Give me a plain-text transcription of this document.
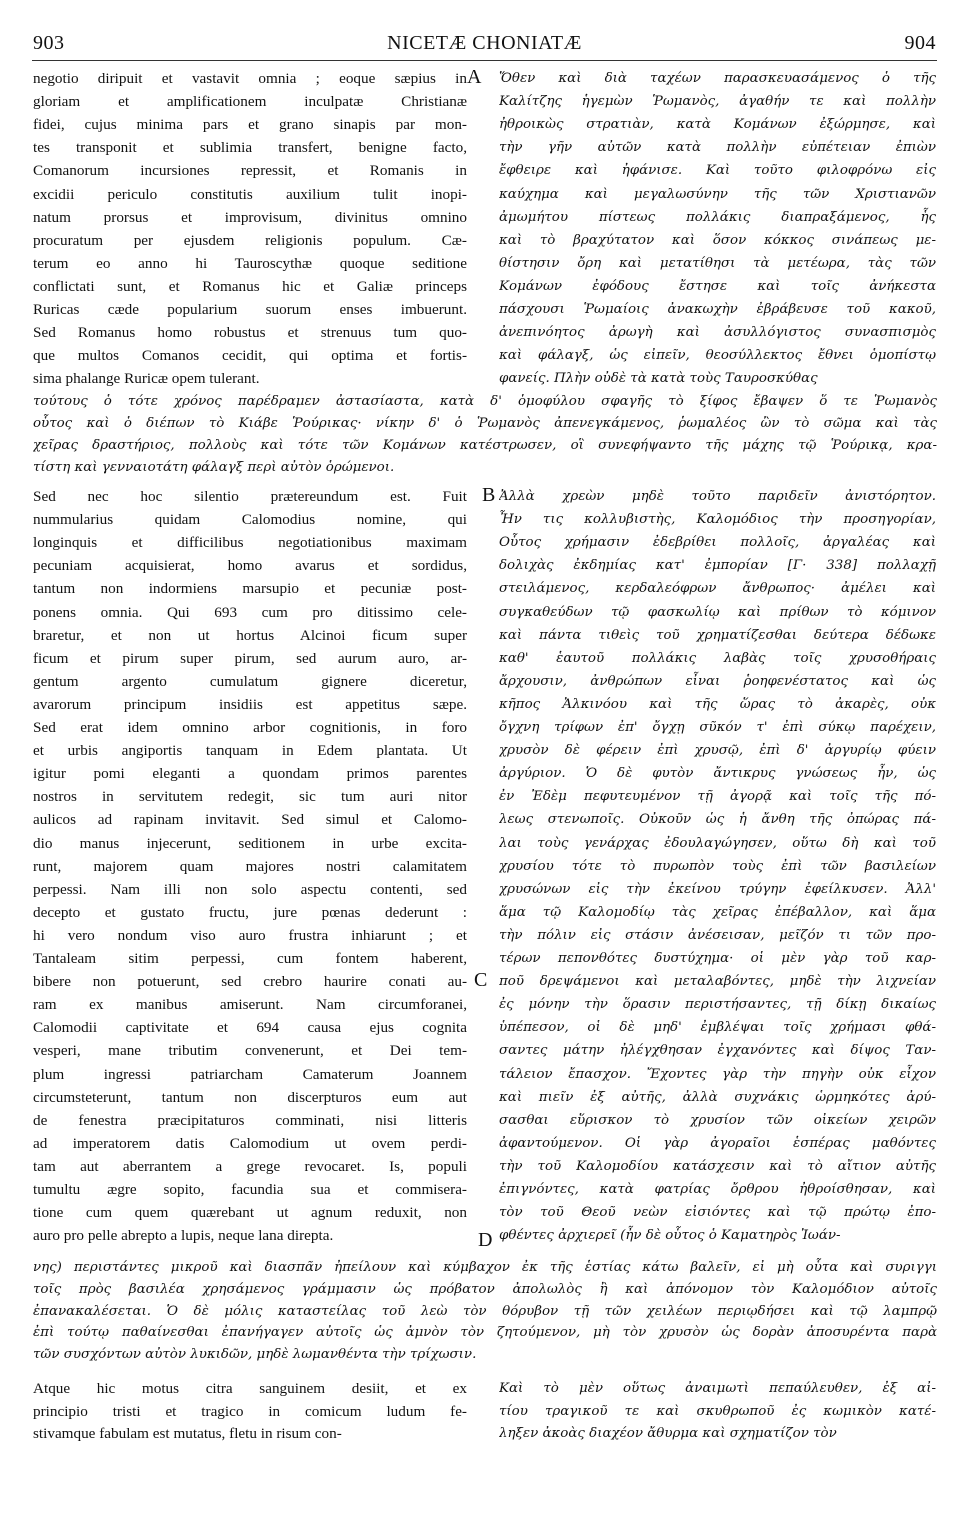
903	NICETÆ CHONIATÆ	904
A
B
C
D
negotio diripuit et vastavit omnia ; eoque sæpius in
gloriam et amplificationem inculpatæ Christianæ
fidei, cujus minima pars et grano sinapis par mon-
tes transponit et sublimia transfert, benigne facto,
Comanorum incursiones repressit, et Romanis in
excidii periculo constitutis auxilium tulit inopi-
natum prorsus et improvisum, divinitus omnino
procuratum per ejusdem religionis populum. Cæ-
terum eo anno hi Tauroscythæ quoque seditione
conflictati sunt, et Romanus hic et Galiæ princeps
Ruricas cæde popularium suorum enses imbuerunt.
Sed Romanus homo robustus et strenuus tum quo-
que multos Comanos cecidit, qui optima et fortis-
sima phalange Ruricæ opem tulerant.
Ὅθεν καὶ διὰ ταχέων παρασκευασάμενος ὁ τῆς
Καλίτζης ἡγεμὼν Ῥωμανὸς, ἀγαθήν τε καὶ πολλὴν
ἠθροικὼς στρατιὰν, κατὰ Κομάνων ἐξώρμησε, καὶ
τὴν γῆν αὐτῶν κατὰ πολλὴν εὐπέτειαν ἐπιὼν
ἔφθειρε καὶ ἠφάνισε. Καὶ τοῦτο φιλοφρόνω εἰς
καύχημα καὶ μεγαλωσύνην τῆς τῶν Χριστιανῶν
ἀμωμήτου πίστεως πολλάκις διαπραξάμενος, ἧς
καὶ τὸ βραχύτατον καὶ ὅσον κόκκος σινάπεως με-
θίστησιν ὄρη καὶ μετατίθησι τὰ μετέωρα, τὰς τῶν
Κομάνων ἐφόδους ἔστησε καὶ τοῖς ἀνήκεστα
πάσχουσι Ῥωμαίοις ἀνακωχὴν ἐβράβευσε τοῦ κακοῦ,
ἀνεπινόητος ἀρωγὴ καὶ ἀσυλλόγιστος συνασπισμὸς
καὶ φάλαγξ, ὡς εἰπεῖν, θεοσύλλεκτος ἔθνει ὁμοπίστῳ
φανείς. Πλὴν οὐδὲ τὰ κατὰ τοὺς Ταυροσκύθας
τούτους ὁ τότε χρόνος παρέδραμεν ἀστασίαστα, κατὰ δ' ὁμοφύλου σφαγῆς τὸ ξίφος ἔβαψεν ὅ τε Ῥωμανὸς
οὗτος καὶ ὁ διέπων τὸ Κιάβε Ῥούρικας· νίκην δ' ὁ Ῥωμανὸς ἀπενεγκάμενος, ῥωμαλέος ὢν τὸ σῶμα καὶ τὰς
χεῖρας δραστήριος, πολλοὺς καὶ τότε τῶν Κομάνων κατέστρωσεν, οἳ συνεφήψαντο τῆς μάχης τῷ Ῥούρικᾳ, κρα-
τίστη καὶ γενναιοτάτη φάλαγξ περὶ αὐτὸν ὁρώμενοι.
Sed nec hoc silentio prætereundum est. Fuit
nummularius quidam Calomodius nomine, qui
longinquis et difficilibus negotiationibus maximam
pecuniam acquisierat, homo avarus et sordidus,
tantum non indormiens marsupio et pecuniæ post-
ponens omnia. Qui 693 cum pro ditissimo cele-
braretur, et non ut hortus Alcinoi ficum super
ficum et pirum super pirum, sed aurum auro, ar-
gentum argento cumulatum gignere diceretur,
avarorum principum insidiis est appetitus sæpe.
Sed erat idem omnino arbor cognitionis, in foro
et urbis angiportis tanquam in Edem plantata. Ut
igitur pomi eleganti a quondam primos parentes
nostros in servitutem redegit, sic tum auri nitor
aulicos ad rapinam invitavit. Sed simul et Calomo-
dio manus injecerunt, seditionem in urbe excita-
runt, majorem quam majores nostri calamitatem
perpessi. Nam illi non solo aspectu contenti, sed
decepto et gustato fructu, jure pœnas dederunt :
hi vero nondum viso auro frustra inhiarunt ; et
Tantaleam sitim perpessi, cum fontem haberent,
bibere non potuerunt, sed crebro haurire conati au-
ram ex manibus amiserunt. Nam circumforanei,
Calomodii captivitate et 694 causa ejus cognita
vesperi, mane tributim convenerunt, et Dei tem-
plum ingressi patriarcham Camaterum Joannem
circumsteterunt, tantum non discerpturos eum aut
de fenestra præcipitaturos comminati, nisi litteris
ad imperatorem datis Calomodium ut ovem perdi-
tam aut aberrantem a grege revocaret. Is, populi
tumultu ægre sopito, facundia sua et commisera-
tione cum quem quærebant ut agnum reduxit, non
auro pro pelle abrepto a lupis, neque lana direpta.
Ἀλλὰ χρεὼν μηδὲ τοῦτο παριδεῖν ἀνιστόρητον.
Ἦν τις κολλυβιστὴς, Καλομόδιος τὴν προσηγορίαν,
Οὗτος χρήμασιν ἐδεβρίθει πολλοῖς, ἀργαλέας καὶ
δολιχὰς ἐκδημίας κατ' ἐμπορίαν [Γ· 338] πολλαχῇ
στειλάμενος, κερδαλεόφρων ἄνθρωπος· ἀμέλει καὶ
συγκαθεύδων τῷ φασκωλίῳ καὶ πρίθων τὸ κόμινον
καὶ πάντα τιθεὶς τοῦ χρηματίζεσθαι δεύτερα δέδωκε
καθ' ἑαυτοῦ πολλάκις λαβὰς τοῖς χρυσοθήραις
ἄρχουσιν, ἀνθρώπων εἶναι ῥοηφενέστατος καὶ ὡς
κῆπος Ἀλκινόου καὶ τῆς ὥρας τὸ ἀκαρὲς, οὐκ
ὄγχνη τρίφων ἐπ' ὄγχῃ σῦκόν τ' ἐπὶ σύκῳ παρέχειν,
χρυσὸν δὲ φέρειν ἐπὶ χρυσῷ, ἐπὶ δ' ἀργυρίῳ φύειν
ἀργύριον. Ὁ δὲ φυτὸν ἄντικρυς γνώσεως ἦν, ὡς
ἐν Ἐδὲμ πεφυτευμένον τῇ ἀγορᾷ καὶ τοῖς τῆς πό-
λεως στενωποῖς. Οὐκοῦν ὡς ἡ ἄνθη τῆς ὀπώρας πά-
λαι τοὺς γενάρχας ἐδουλαγώγησεν, οὕτω δὴ καὶ τοῦ
χρυσίου τότε τὸ πυρωπὸν τοὺς ἐπὶ τῶν βασιλείων
χρυσώνων εἰς τὴν ἐκείνου τρύγην ἐφείλκυσεν. Ἀλλ'
ἅμα τῷ Καλομοδίῳ τὰς χεῖρας ἐπέβαλλον, καὶ ἅμα
τὴν πόλιν εἰς στάσιν ἀνέσεισαν, μεῖζόν τι τῶν προ-
τέρων πεπονθότες δυστύχημα· οἱ μὲν γὰρ τοῦ καρ-
ποῦ δρεψάμενοι καὶ μεταλαβόντες, μηδὲ τὴν λιχνείαν
ἐς μόνην τὴν ὅρασιν περιστήσαντες, τῇ δίκῃ δικαίως
ὑπέπεσον, οἱ δὲ μηδ' ἐμβλέψαι τοῖς χρήμασι φθά-
σαντες μάτην ἠλέγχθησαν ἐγχανόντες καὶ δίψος Ταν-
τάλειον ἔπασχον. Ἔχοντες γὰρ τὴν πηγὴν οὐκ εἶχον
καὶ πιεῖν ἐξ αὐτῆς, ἀλλὰ συχνάκις ὡρμηκότες ἀρύ-
σασθαι εὕρισκον τὸ χρυσίον τῶν οἰκείων χειρῶν
ἀφαντούμενον. Οἱ γὰρ ἀγοραῖοι ἑσπέρας μαθόντες
τὴν τοῦ Καλομοδίου κατάσχεσιν καὶ τὸ αἴτιον αὐτῆς
ἐπιγνόντες, κατὰ φατρίας ὄρθρου ἠθροίσθησαν, καὶ
τὸν τοῦ Θεοῦ νεὼν εἰσιόντες καὶ τῷ πρώτῳ ἐπο-
φθέντες ἀρχιερεῖ (ἦν δὲ οὗτος ὁ Καματηρὸς Ἰωάν-
νης) περιστάντες μικροῦ καὶ διασπᾶν ἠπείλουν καὶ κύμβαχον ἐκ τῆς ἑστίας κάτω βαλεῖν, εἰ μὴ οὗτα καὶ συριγγι
τοῖς πρὸς βασιλέα χρησάμενος γράμμασιν ὡς πρόβατον ἀπολωλὸς ἢ καὶ ἀπόνομον τὸν Καλομόδιον αὐτοῖς
ἐπανακαλέσεται. Ὁ δὲ μόλις καταστείλας τοῦ λεὼ τὸν θόρυβον τῇ τῶν χειλέων περιῳδήσει καὶ τῷ λαμπρῷ
ἐπὶ τούτῳ παθαίνεσθαι ἐπανήγαγεν αὐτοῖς ὡς ἀμνὸν τὸν ζητούμενον, μὴ τὸν χρυσὸν ὡς δορὰν ἀποσυρέντα παρὰ
τῶν συσχόντων αὐτὸν λυκιδῶν, μηδὲ λωμανθέντα τὴν τρίχωσιν.
Atque hic motus citra sanguinem desiit, et ex
principio tristi et tragico in comicum ludum fe-
stivamque fabulam est mutatus, fletu in risum con-
Καὶ τὸ μὲν οὕτως ἀναιμωτὶ πεπαύλευθεν, ἐξ αἰ-
τίου τραγικοῦ τε καὶ σκυθρωποῦ ἐς κωμικὸν κατέ-
ληξεν ἀκοὰς διαχέον ἄθυρμα καὶ σχηματίζον τὸν
